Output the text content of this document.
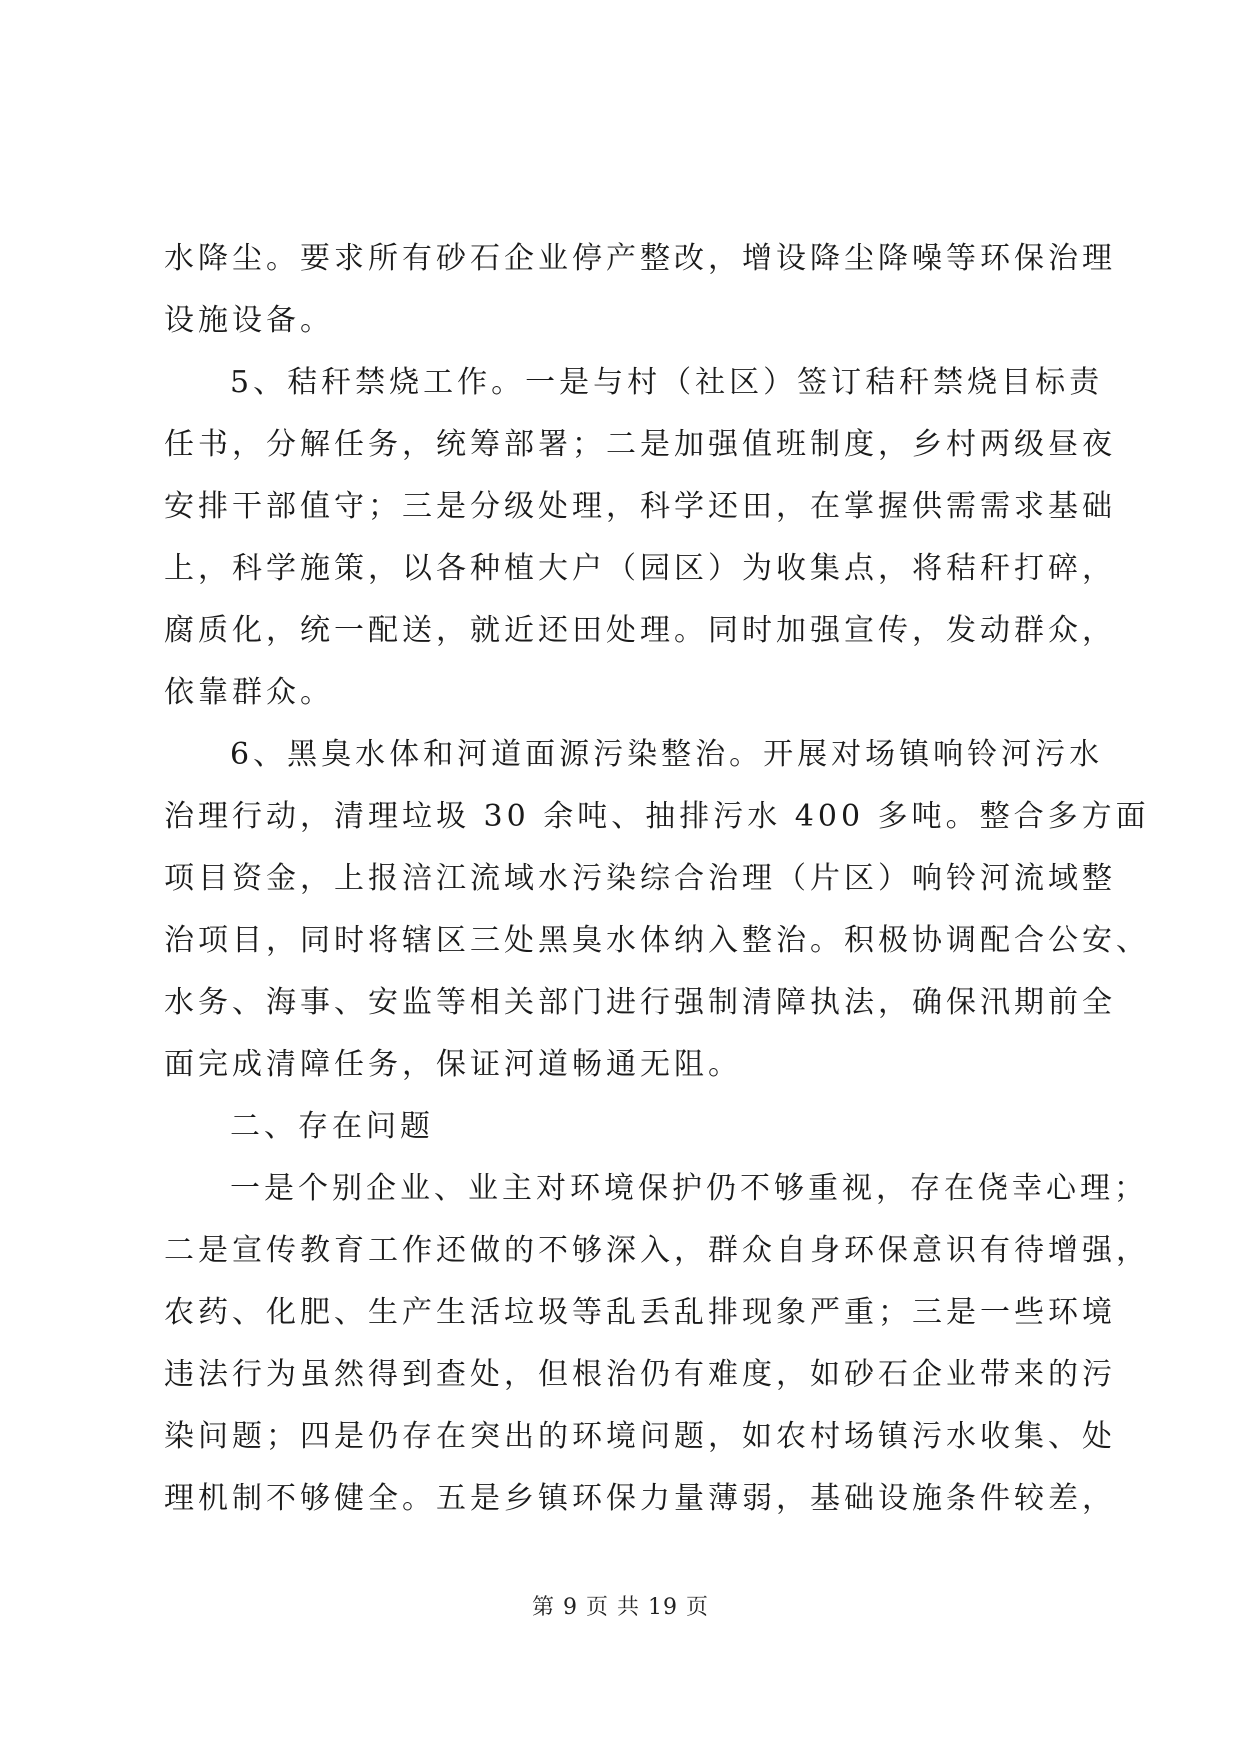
水降尘。要求所有砂石企业停产整改，增设降尘降噪等环保治理
设施设备。
5、秸秆禁烧工作。一是与村（社区）签订秸秆禁烧目标责
任书，分解任务，统筹部署；二是加强值班制度，乡村两级昼夜
安排干部值守；三是分级处理，科学还田，在掌握供需需求基础
上，科学施策，以各种植大户（园区）为收集点，将秸秆打碎，
腐质化，统一配送，就近还田处理。同时加强宣传，发动群众，
依靠群众。
6、黑臭水体和河道面源污染整治。开展对场镇响铃河污水
治理行动，清理垃圾 30 余吨、抽排污水 400 多吨。整合多方面
项目资金，上报涪江流域水污染综合治理（片区）响铃河流域整
治项目，同时将辖区三处黑臭水体纳入整治。积极协调配合公安、
水务、海事、安监等相关部门进行强制清障执法，确保汛期前全
面完成清障任务，保证河道畅通无阻。
二、存在问题
一是个别企业、业主对环境保护仍不够重视，存在侥幸心理；
二是宣传教育工作还做的不够深入，群众自身环保意识有待增强，
农药、化肥、生产生活垃圾等乱丢乱排现象严重；三是一些环境
违法行为虽然得到查处，但根治仍有难度，如砂石企业带来的污
染问题；四是仍存在突出的环境问题，如农村场镇污水收集、处
理机制不够健全。五是乡镇环保力量薄弱，基础设施条件较差，
第 9 页 共 19 页
